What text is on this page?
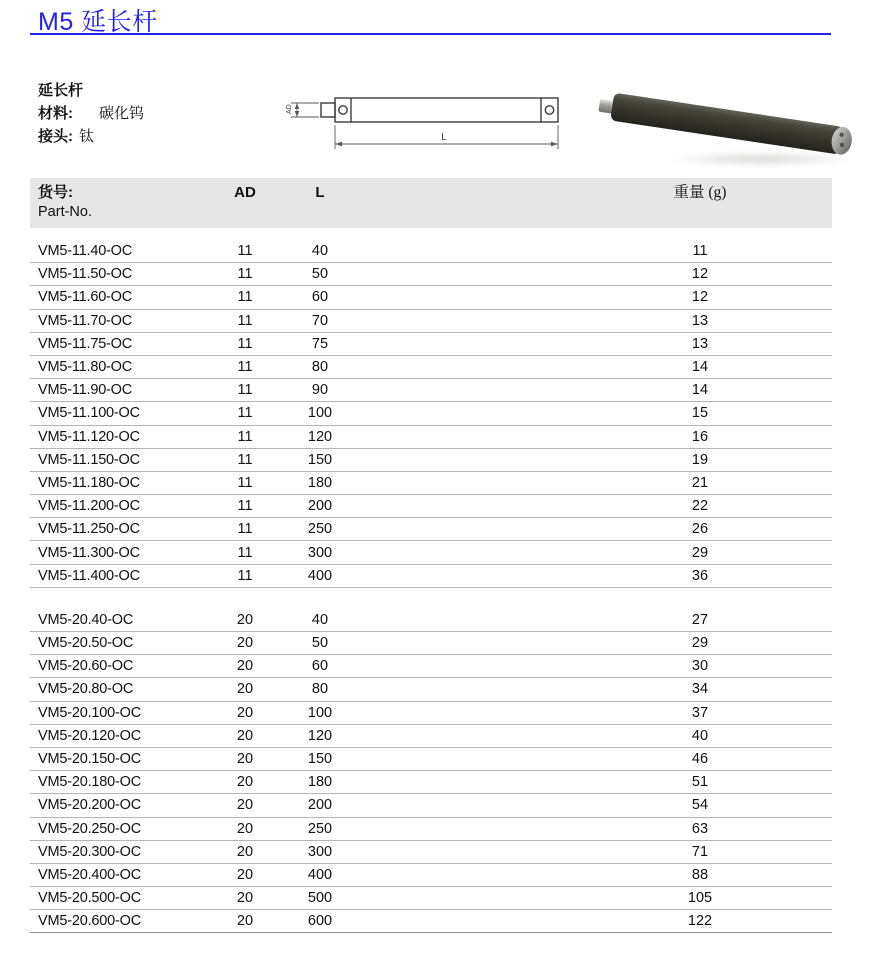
M5 延长杆
延长杆
材料: 碳化钨
接头: 钛
AD
L
货号:
Part-No.
	AD	L		重量 (g)	
VM5-11.40-OC	11	40		11	
VM5-11.50-OC	11	50		12	
VM5-11.60-OC	11	60		12	
VM5-11.70-OC	11	70		13	
VM5-11.75-OC	11	75		13	
VM5-11.80-OC	11	80		14	
VM5-11.90-OC	11	90		14	
VM5-11.100-OC	11	100		15	
VM5-11.120-OC	11	120		16	
VM5-11.150-OC	11	150		19	
VM5-11.180-OC	11	180		21	
VM5-11.200-OC	11	200		22	
VM5-11.250-OC	11	250		26	
VM5-11.300-OC	11	300		29	
VM5-11.400-OC	11	400		36	

VM5-20.40-OC	20	40		27	
VM5-20.50-OC	20	50		29	
VM5-20.60-OC	20	60		30	
VM5-20.80-OC	20	80		34	
VM5-20.100-OC	20	100		37	
VM5-20.120-OC	20	120		40	
VM5-20.150-OC	20	150		46	
VM5-20.180-OC	20	180		51	
VM5-20.200-OC	20	200		54	
VM5-20.250-OC	20	250		63	
VM5-20.300-OC	20	300		71	
VM5-20.400-OC	20	400		88	
VM5-20.500-OC	20	500		105	
VM5-20.600-OC	20	600		122	
